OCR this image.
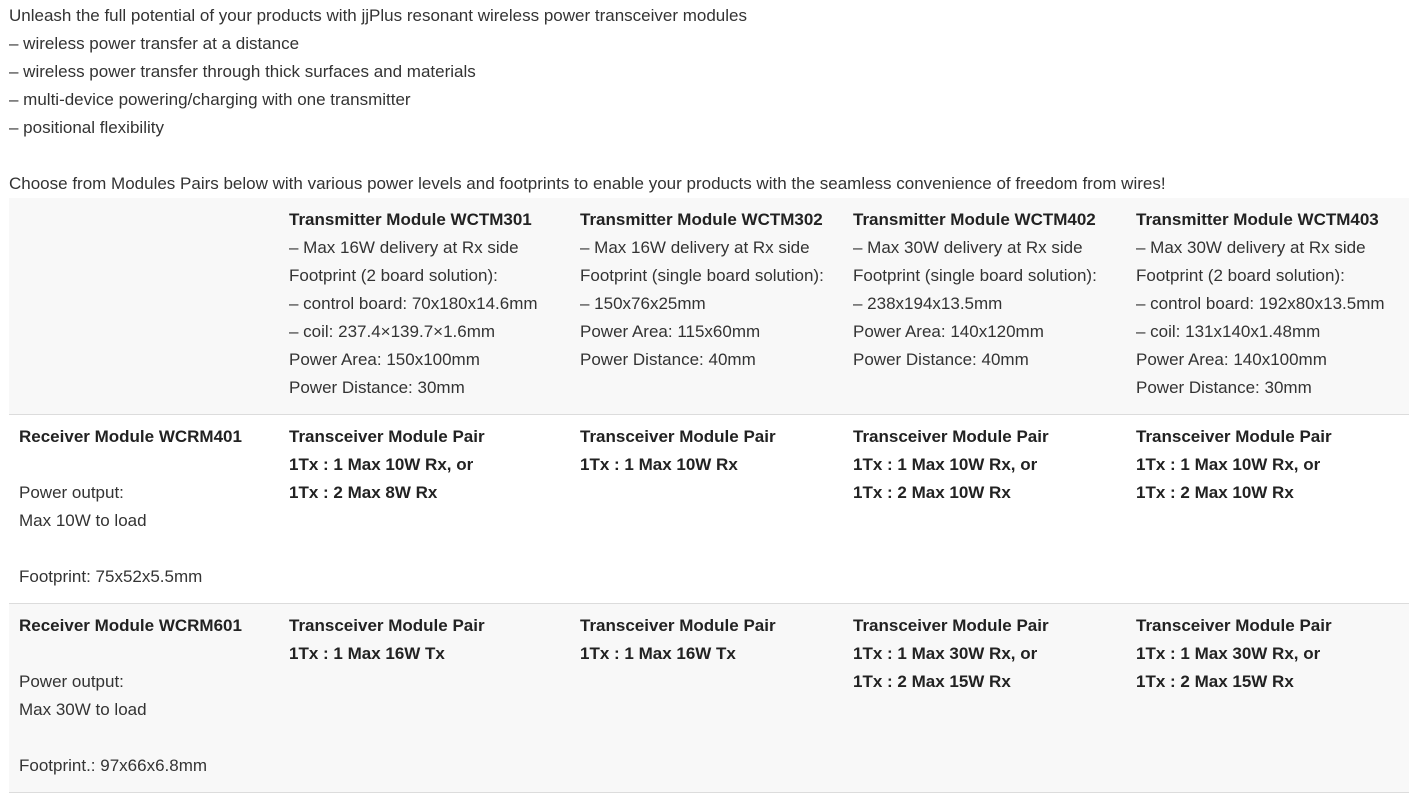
Unleash the full potential of your products with jjPlus resonant wireless power transceiver modules
– wireless power transfer at a distance
– wireless power transfer through thick surfaces and materials
– multi-device powering/charging with one transmitter
– positional flexibility
Choose from Modules Pairs below with various power levels and footprints to enable your products with the seamless convenience of freedom from wires!
Transmitter Module WCTM301
– Max 16W delivery at Rx side
Footprint (2 board solution):
– control board: 70x180x14.6mm
– coil: 237.4×139.7×1.6mm
Power Area: 150x100mm
Power Distance: 30mm
Transmitter Module WCTM302
– Max 16W delivery at Rx side
Footprint (single board solution):
– 150x76x25mm
Power Area: 115x60mm
Power Distance: 40mm
Transmitter Module WCTM402
– Max 30W delivery at Rx side
Footprint (single board solution):
– 238x194x13.5mm
Power Area: 140x120mm
Power Distance: 40mm
Transmitter Module WCTM403
– Max 30W delivery at Rx side
Footprint (2 board solution):
– control board: 192x80x13.5mm
– coil: 131x140x1.48mm
Power Area: 140x100mm
Power Distance: 30mm
Receiver Module WCRM401
Power output:
Max 10W to load
Footprint: 75x52x5.5mm
Transceiver Module Pair
1Tx : 1 Max 10W Rx, or
1Tx : 2 Max 8W Rx
Transceiver Module Pair
1Tx : 1 Max 10W Rx
Transceiver Module Pair
1Tx : 1 Max 10W Rx, or
1Tx : 2 Max 10W Rx
Transceiver Module Pair
1Tx : 1 Max 10W Rx, or
1Tx : 2 Max 10W Rx
Receiver Module WCRM601
Power output:
Max 30W to load
Footprint.: 97x66x6.8mm
Transceiver Module Pair
1Tx : 1 Max 16W Tx
Transceiver Module Pair
1Tx : 1 Max 16W Tx
Transceiver Module Pair
1Tx : 1 Max 30W Rx, or
1Tx : 2 Max 15W Rx
Transceiver Module Pair
1Tx : 1 Max 30W Rx, or
1Tx : 2 Max 15W Rx
